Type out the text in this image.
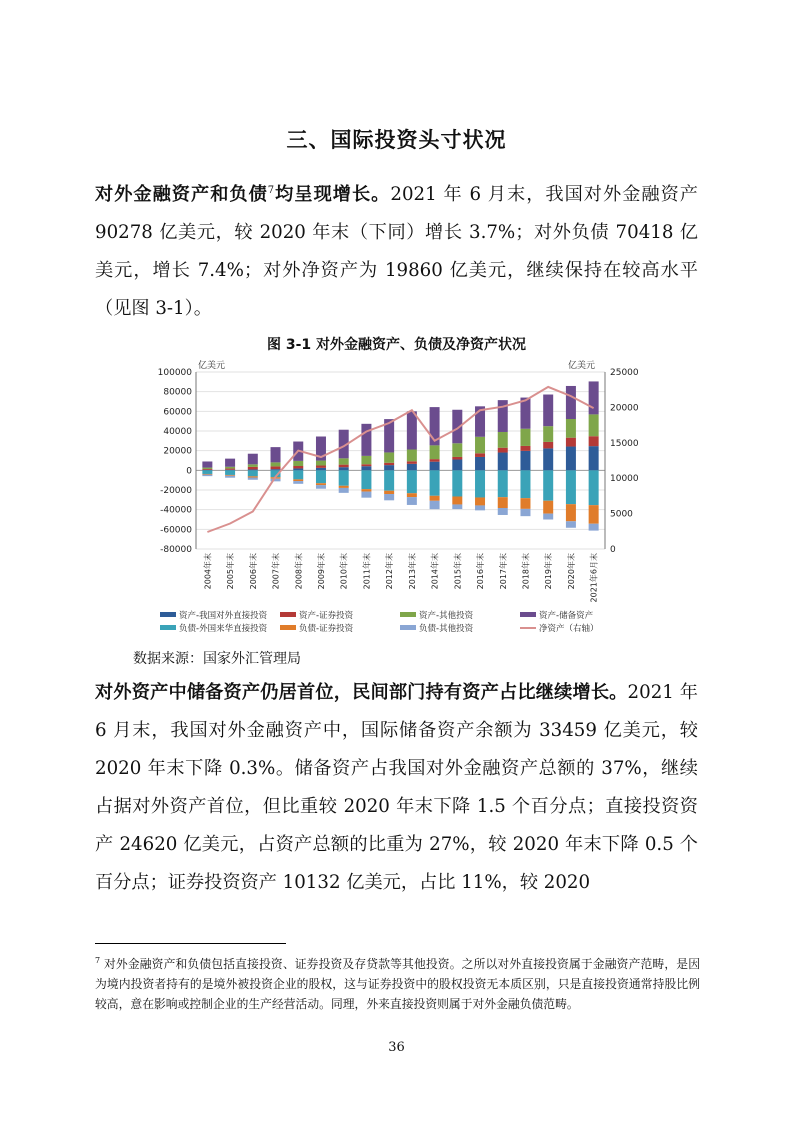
三、国际投资头寸状况
对外金融资产和负债$^7$均呈现增长。2021 年 6 月末，我国对外金融资产 90278 亿美元，较 2020 年末（下同）增长 3.7%；对外负债 70418 亿美元，增长 7.4%；对外净资产为 19860 亿美元，继续保持在较高水平（见图 3-1）。
图 3-1 对外金融资产、负债及净资产状况
亿美元	亿美元
100000
80000
60000
40000
20000
0
-20000
-40000
-60000
-80000
25000
20000
15000
10000
5000
0
2004年末 2005年末 2006年末 2007年末 2008年末 2009年末 2010年末 2011年末 2012年末 2013年末 2014年末 2015年末 2016年末 2017年末 2018年末 2019年末 2020年末 2021年6月末
资产-我国对外直接投资	资产-证券投资	资产-其他投资	资产-储备资产
负债-外国来华直接投资	负债-证券投资	负债-其他投资	净资产（右轴）
数据来源：国家外汇管理局
对外资产中储备资产仍居首位，民间部门持有资产占比继续增长。2021 年 6 月末，我国对外金融资产中，国际储备资产余额为 33459 亿美元，较 2020 年末下降 0.3%。储备资产占我国对外金融资产总额的 37%，继续占据对外资产首位，但比重较 2020 年末下降 1.5 个百分点；直接投资资产 24620 亿美元，占资产总额的比重为 27%，较 2020 年末下降 0.5 个百分点；证券投资资产 10132 亿美元，占比 11%，较 2020
$^7$ 对外金融资产和负债包括直接投资、证券投资及存贷款等其他投资。之所以对外直接投资属于金融资产范畴，是因为境内投资者持有的是境外被投资企业的股权，这与证券投资中的股权投资无本质区别，只是直接投资通常持股比例较高，意在影响或控制企业的生产经营活动。同理，外来直接投资则属于对外金融负债范畴。
36
